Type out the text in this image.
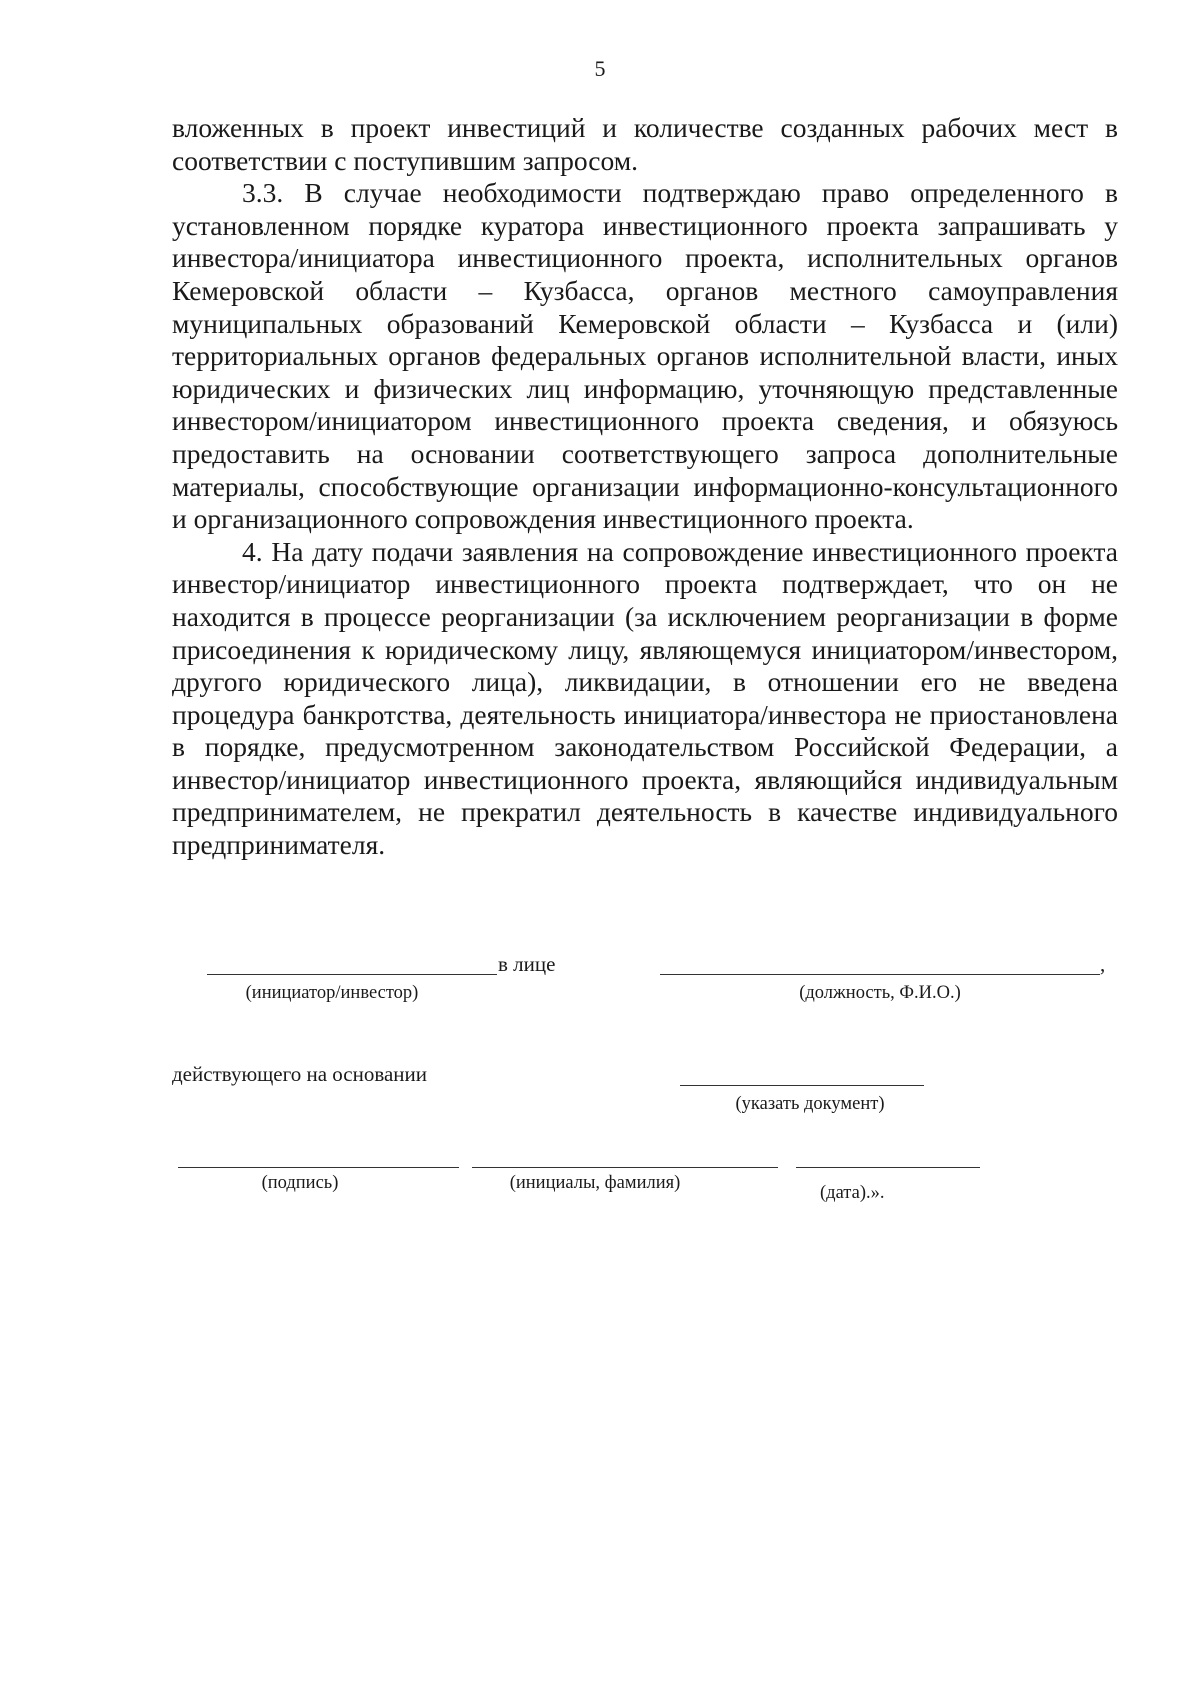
5

вложенных в проект инвестиций и количестве созданных рабочих мест в соответствии с поступившим запросом.

3.3. В случае необходимости подтверждаю право определенного в установленном порядке куратора инвестиционного проекта запрашивать у инвестора/инициатора инвестиционного проекта, исполнительных органов Кемеровской области – Кузбасса, органов местного самоуправления муниципальных образований Кемеровской области – Кузбасса и (или) территориальных органов федеральных органов исполнительной власти, иных юридических и физических лиц информацию, уточняющую представленные инвестором/инициатором инвестиционного проекта сведения, и обязуюсь предоставить на основании соответствующего запроса дополнительные материалы, способствующие организации информационно-консультационного и организационного сопровождения инвестиционного проекта.

4. На дату подачи заявления на сопровождение инвестиционного проекта инвестор/инициатор инвестиционного проекта подтверждает, что он не находится в процессе реорганизации (за исключением реорганизации в форме присоединения к юридическому лицу, являющемуся инициатором/инвестором, другого юридического лица), ликвидации, в отношении его не введена процедура банкротства, деятельность инициатора/инвестора не приостановлена в порядке, предусмотренном законодательством Российской Федерации, а инвестор/инициатор инвестиционного проекта, являющийся индивидуальным предпринимателем, не прекратил деятельность в качестве индивидуального предпринимателя.

в лице	,
(инициатор/инвестор)	(должность, Ф.И.О.)
действующего на основании
(указать документ)
(подпись)	(инициалы, фамилия)	(дата).».
